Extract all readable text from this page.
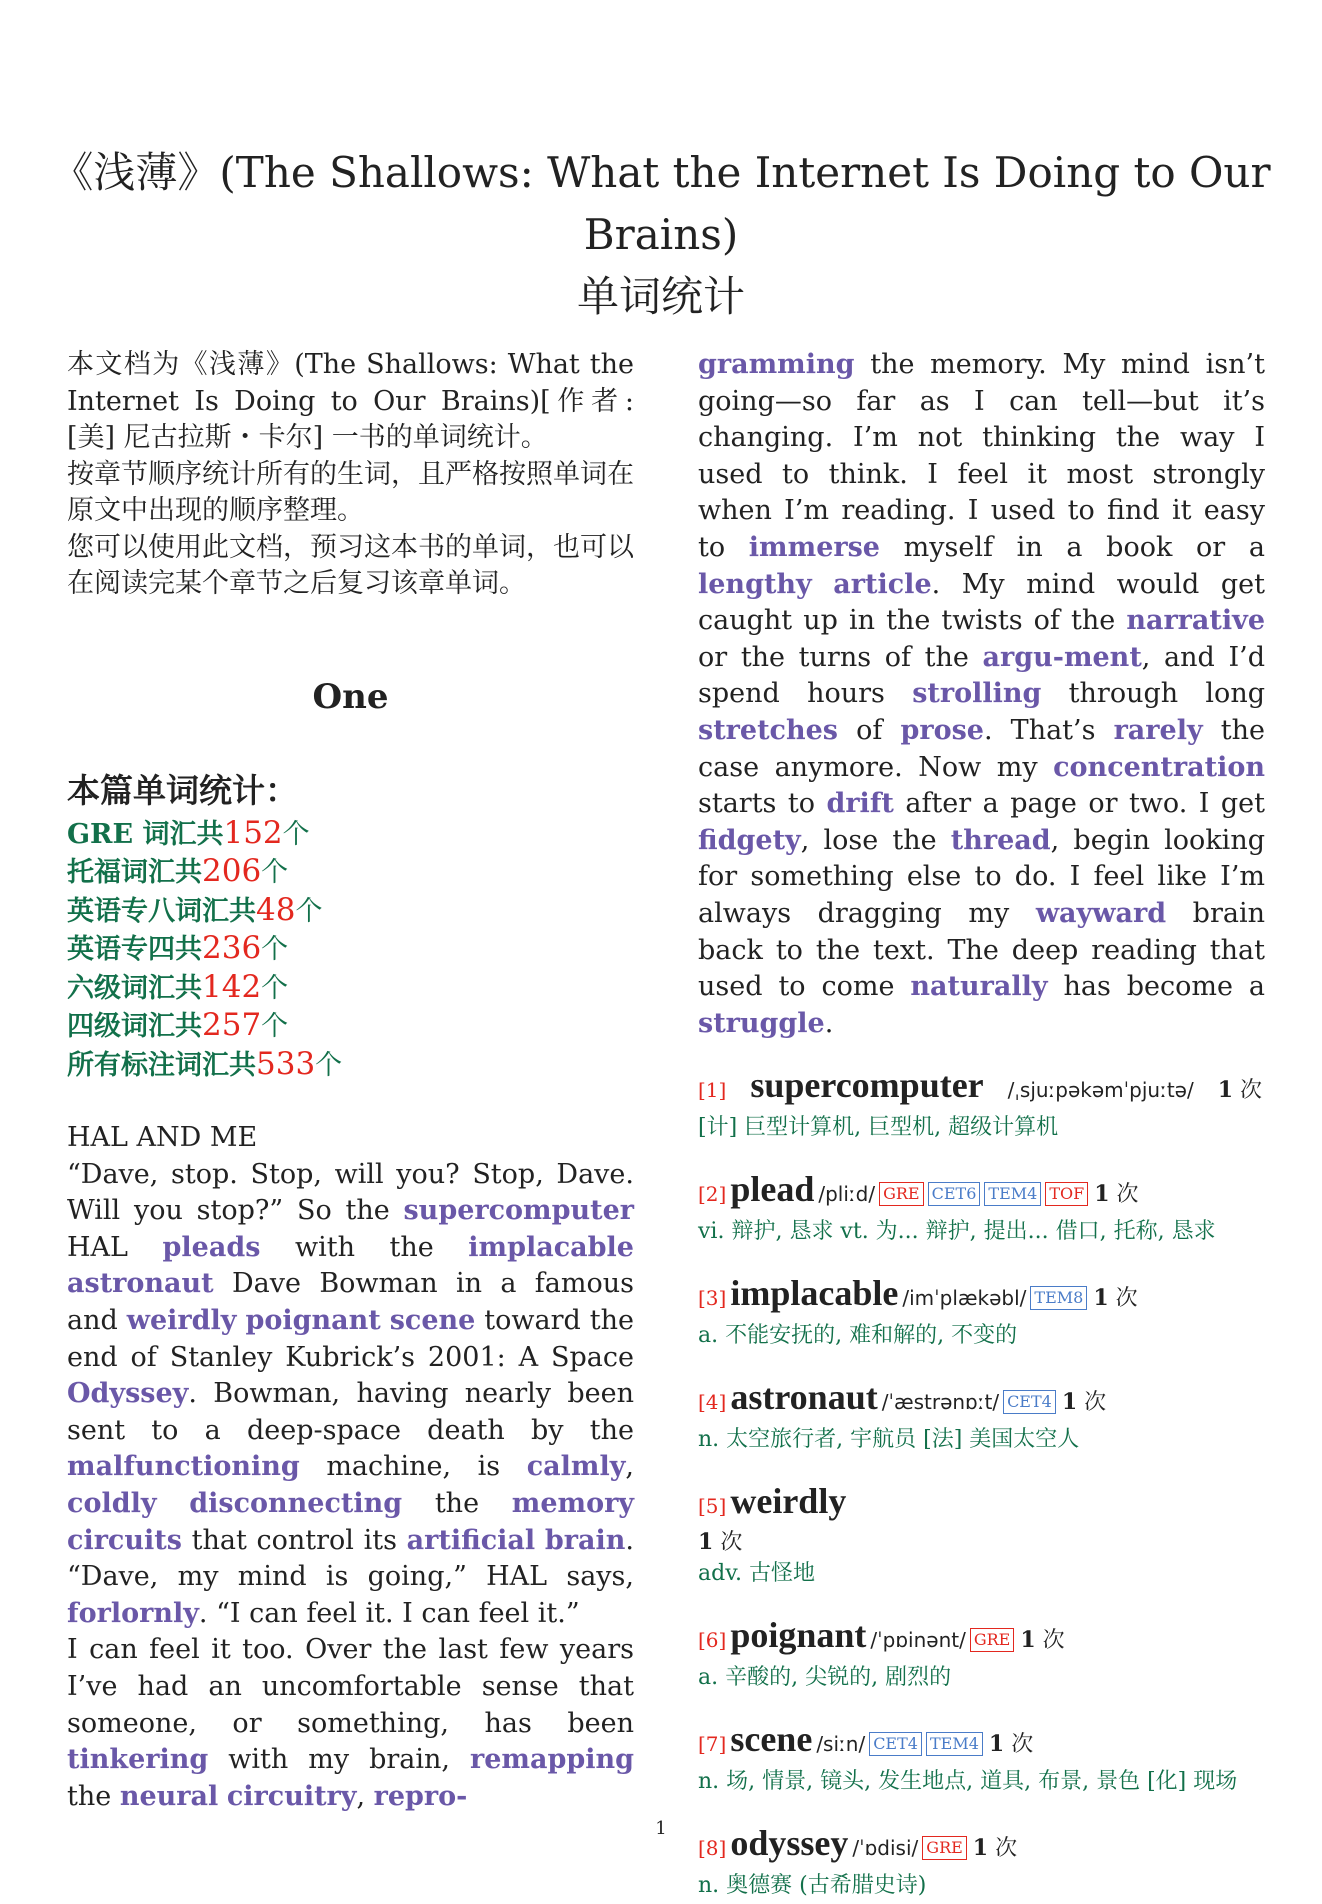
《浅薄》(The Shallows: What the Internet Is Doing to Our Brains)
单词统计

本文档为《浅薄》(The Shallows: What the Internet Is Doing to Our Brains)[作者: [美] 尼古拉斯・卡尔] 一书的单词统计。

按章节顺序统计所有的生词，且严格按照单词在原文中出现的顺序整理。

您可以使用此文档，预习这本书的单词，也可以在阅读完某个章节之后复习该章单词。

One
本篇单词统计：
GRE 词汇共152个
托福词汇共206个
英语专八词汇共48个
英语专四共236个
六级词汇共142个
四级词汇共257个
所有标注词汇共533个
HAL AND ME

“Dave, stop. Stop, will you? Stop, Dave. Will you stop?” So the supercomputer HAL pleads with the implacable astronaut Dave Bowman in a famous and weirdly poignant scene toward the end of Stanley Kubrick’s 2001: A Space Odyssey. Bowman, having nearly been sent to a deep-space death by the malfunctioning machine, is calmly, coldly disconnecting the memory circuits that control its artificial brain. “Dave, my mind is going,” HAL says, forlornly. “I can feel it. I can feel it.”

I can feel it too. Over the last few years I’ve had an uncomfortable sense that someone, or something, has been tinkering with my brain, remapping the neural circuitry, repro-

gramming the memory. My mind isn’t going—so far as I can tell—but it’s changing. I’m not thinking the way I used to think. I feel it most strongly when I’m reading. I used to find it easy to immerse myself in a book or a lengthy article. My mind would get caught up in the twists of the narrative or the turns of the argu-ment, and I’d spend hours strolling through long stretches of prose. That’s rarely the case anymore. Now my concentration starts to drift after a page or two. I get fidgety, lose the thread, begin looking for something else to do. I feel like I’m always dragging my wayward brain back to the text. The deep reading that used to come naturally has become a struggle.

[1] supercomputer /ˌsjuːpəkəmˈpjuːtə/ 1 次
[计] 巨型计算机, 巨型机, 超级计算机
[2] plead /pliːd/ GRE CET6 TEM4 TOF 1 次
vi. 辩护, 恳求 vt. 为... 辩护, 提出... 借口, 托称, 恳求
[3] implacable /imˈplækəbl/ TEM8 1 次
a. 不能安抚的, 难和解的, 不变的
[4] astronaut /ˈæstrənɒːt/ CET4 1 次
n. 太空旅行者, 宇航员 [法] 美国太空人
[5] weirdly
1 次
adv. 古怪地
[6] poignant /ˈpɒinənt/ GRE 1 次
a. 辛酸的, 尖锐的, 剧烈的
[7] scene /siːn/ CET4 TEM4 1 次
n. 场, 情景, 镜头, 发生地点, 道具, 布景, 景色 [化] 现场
[8] odyssey /ˈɒdisi/ GRE 1 次
n. 奥德赛 (古希腊史诗)
1
